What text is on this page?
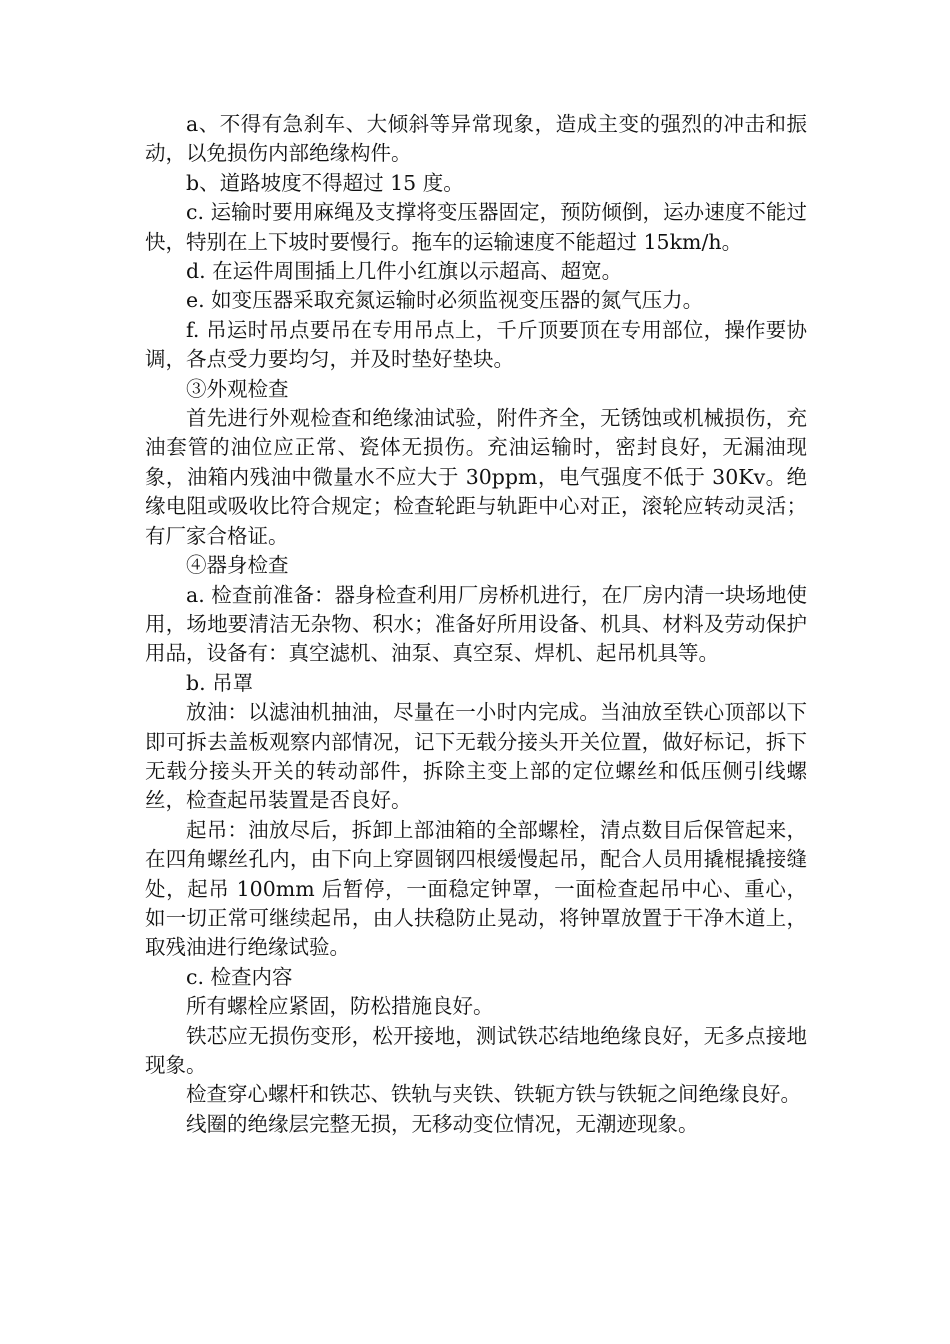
a、不得有急刹车、大倾斜等异常现象，造成主变的强烈的冲击和振动，以免损伤内部绝缘构件。

b、道路坡度不得超过 15 度。

c. 运输时要用麻绳及支撑将变压器固定，预防倾倒，运办速度不能过快，特别在上下坡时要慢行。拖车的运输速度不能超过 15km/h。

d. 在运件周围插上几件小红旗以示超高、超宽。

e. 如变压器采取充氮运输时必须监视变压器的氮气压力。

f. 吊运时吊点要吊在专用吊点上，千斤顶要顶在专用部位，操作要协调，各点受力要均匀，并及时垫好垫块。

③外观检查

首先进行外观检查和绝缘油试验，附件齐全，无锈蚀或机械损伤，充油套管的油位应正常、瓷体无损伤。充油运输时，密封良好，无漏油现象，油箱内残油中微量水不应大于 30ppm，电气强度不低于 30Kv。绝缘电阻或吸收比符合规定；检查轮距与轨距中心对正，滚轮应转动灵活；有厂家合格证。

④器身检查

a. 检查前准备：器身检查利用厂房桥机进行，在厂房内清一块场地使用，场地要清洁无杂物、积水；准备好所用设备、机具、材料及劳动保护用品，设备有：真空滤机、油泵、真空泵、焊机、起吊机具等。

b. 吊罩

放油：以滤油机抽油，尽量在一小时内完成。当油放至铁心顶部以下即可拆去盖板观察内部情况，记下无载分接头开关位置，做好标记，拆下无载分接头开关的转动部件，拆除主变上部的定位螺丝和低压侧引线螺丝，检查起吊装置是否良好。

起吊：油放尽后，拆卸上部油箱的全部螺栓，清点数目后保管起来，在四角螺丝孔内，由下向上穿圆钢四根缓慢起吊，配合人员用撬棍撬接缝处，起吊 100mm 后暂停，一面稳定钟罩，一面检查起吊中心、重心，如一切正常可继续起吊，由人扶稳防止晃动，将钟罩放置于干净木道上，取残油进行绝缘试验。

c. 检查内容

所有螺栓应紧固，防松措施良好。

铁芯应无损伤变形，松开接地，测试铁芯结地绝缘良好，无多点接地现象。

检查穿心螺杆和铁芯、铁轨与夹铁、铁轭方铁与铁轭之间绝缘良好。

线圈的绝缘层完整无损，无移动变位情况，无潮迹现象。
